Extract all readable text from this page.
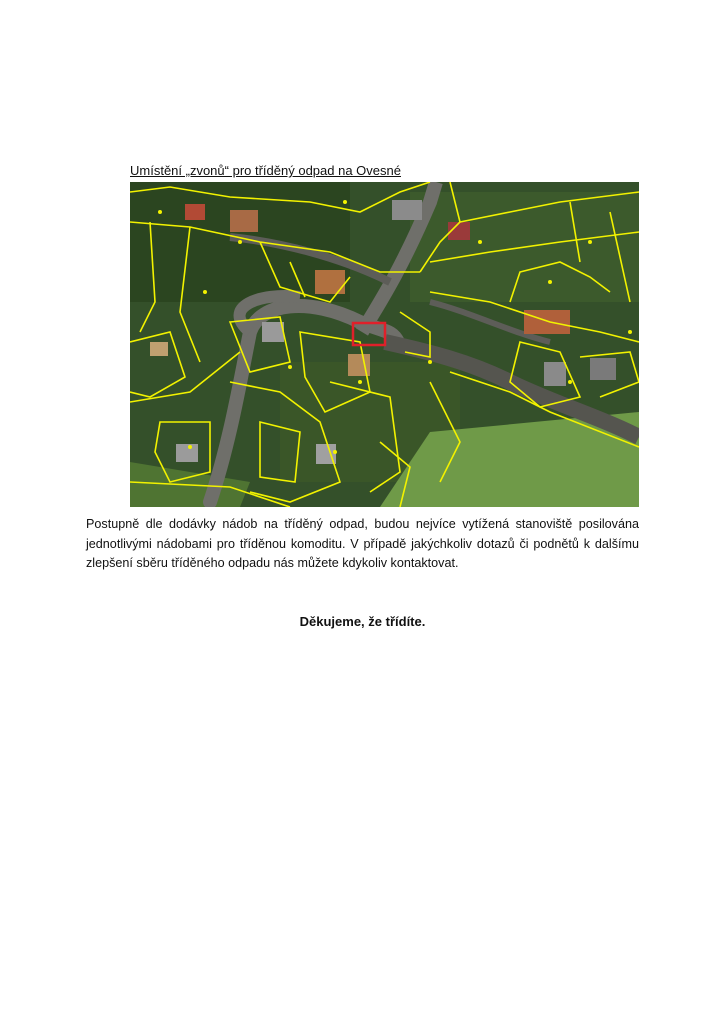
Umístění „zvonů“ pro tříděný odpad na Ovesné
Postupně dle dodávky nádob na tříděný odpad, budou nejvíce vytížená stanoviště posilována jednotlivými nádobami pro tříděnou komoditu. V případě jakýchkoliv dotazů či podnětů k dalšímu zlepšení sběru tříděného odpadu nás můžete kdykoliv kontaktovat.
Děkujeme, že třídíte.
